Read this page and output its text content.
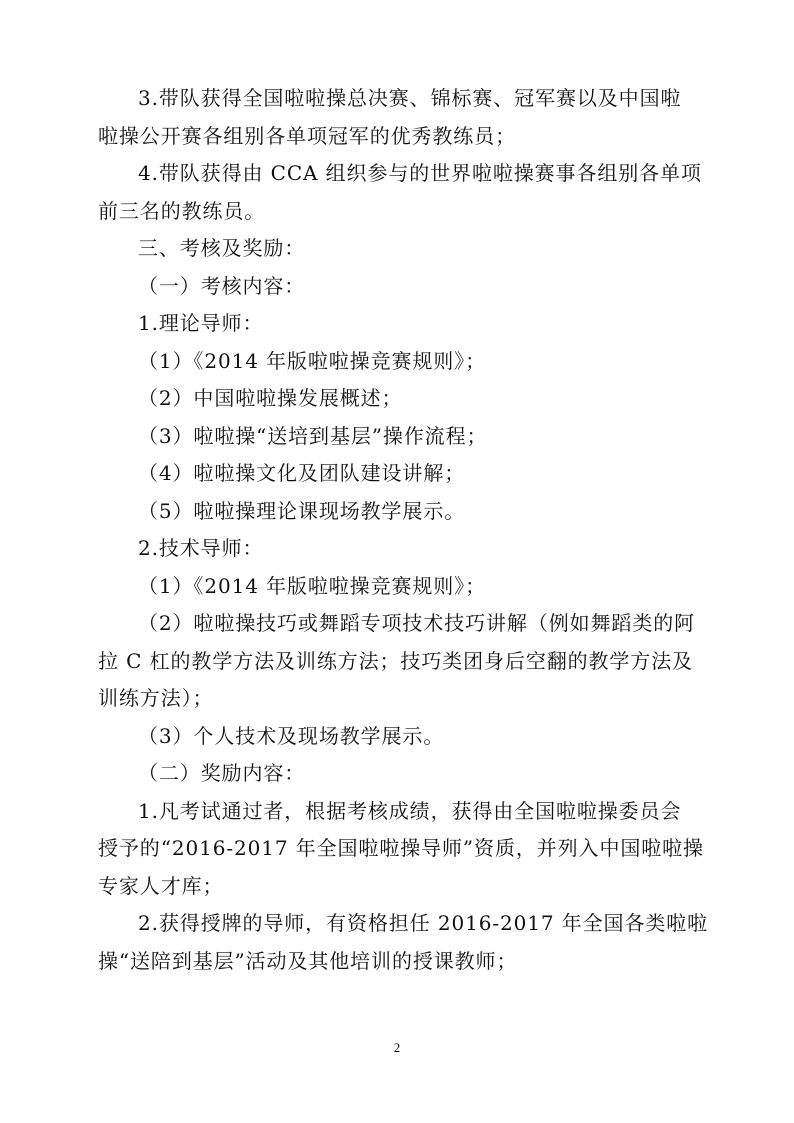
3.带队获得全国啦啦操总决赛、锦标赛、冠军赛以及中国啦
啦操公开赛各组别各单项冠军的优秀教练员；
4.带队获得由 CCA 组织参与的世界啦啦操赛事各组别各单项
前三名的教练员。
三、考核及奖励：
（一）考核内容：
1.理论导师：
（1）《2014 年版啦啦操竞赛规则》；
（2）中国啦啦操发展概述；
（3）啦啦操“送培到基层”操作流程；
（4）啦啦操文化及团队建设讲解；
（5）啦啦操理论课现场教学展示。
2.技术导师：
（1）《2014 年版啦啦操竞赛规则》；
（2）啦啦操技巧或舞蹈专项技术技巧讲解（例如舞蹈类的阿
拉 C 杠的教学方法及训练方法；技巧类团身后空翻的教学方法及
训练方法）；
（3）个人技术及现场教学展示。
（二）奖励内容：
1.凡考试通过者，根据考核成绩，获得由全国啦啦操委员会
授予的“2016-2017 年全国啦啦操导师”资质，并列入中国啦啦操
专家人才库；
2.获得授牌的导师，有资格担任 2016-2017 年全国各类啦啦
操“送陪到基层”活动及其他培训的授课教师；
2
